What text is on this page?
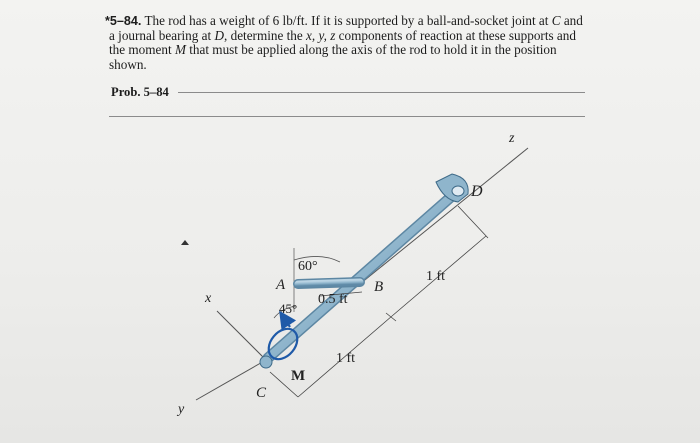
*5–84. The rod has a weight of 6 lb/ft. If it is supported by a ball-and-socket joint at C and a journal bearing at D, determine the x, y, z components of reaction at these supports and the moment M that must be applied along the axis of the rod to hold it in the position shown.

Prob. 5–84
z
x
y
D
A	B
C
M
60°
45°
0.5 ft
1 ft
1 ft
